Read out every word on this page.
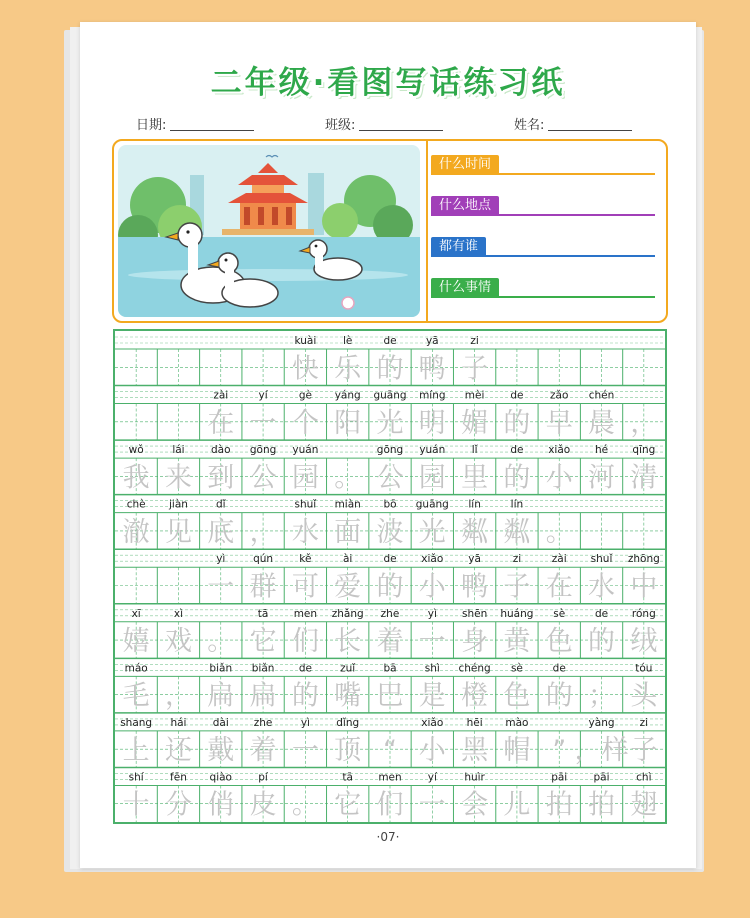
二年级·看图写话练习纸
日期:	班级:	姓名:
什么时间
什么地点
都有谁
什么事情
kuài
快
lè
乐
de
的
yā
鸭
zi
子
zài
在
yí
一
gè
个
yáng
阳
guāng
光
míng
明
mèi
媚
de
的
zǎo
早
chén
晨 ，
wǒ
我
lái
来
dào
到
gōng
公
yuán
园 。
gōng
公
yuán
园
lǐ
里
de
的
xiǎo
小
hé
河
qīng
清
chè
澈
jiàn
见
dǐ
底 ，
shuǐ
水
miàn
面
bō
波
guāng
光
lín
粼
lín
粼 。
yì
一
qún
群
kě
可
ài
爱
de
的
xiǎo
小
yā
鸭
zi
子
zài
在
shuǐ
水
zhōng
中
xī
嬉
xì
戏 。
tā
它
men
们
zhǎng
长
zhe
着
yì
一
shēn
身
huáng
黄
sè
色
de
的
róng
绒
máo
毛 ，
biǎn
扁
biǎn
扁
de
的
zuǐ
嘴
bā
巴
shì
是
chéng
橙
sè
色
de
的 ；
tóu
头
shang
上
hái
还
dài
戴
zhe
着
yì
一
dǐng
顶 “
xiǎo
小
hēi
黑
mào
帽 ”
yàng
，样
zi
子
shí
十
fēn
分
qiào
俏
pí
皮 。
tā
它
men
们
yí
一
huìr
会 儿
pāi
拍
pāi
拍
chì
翅
·07·
